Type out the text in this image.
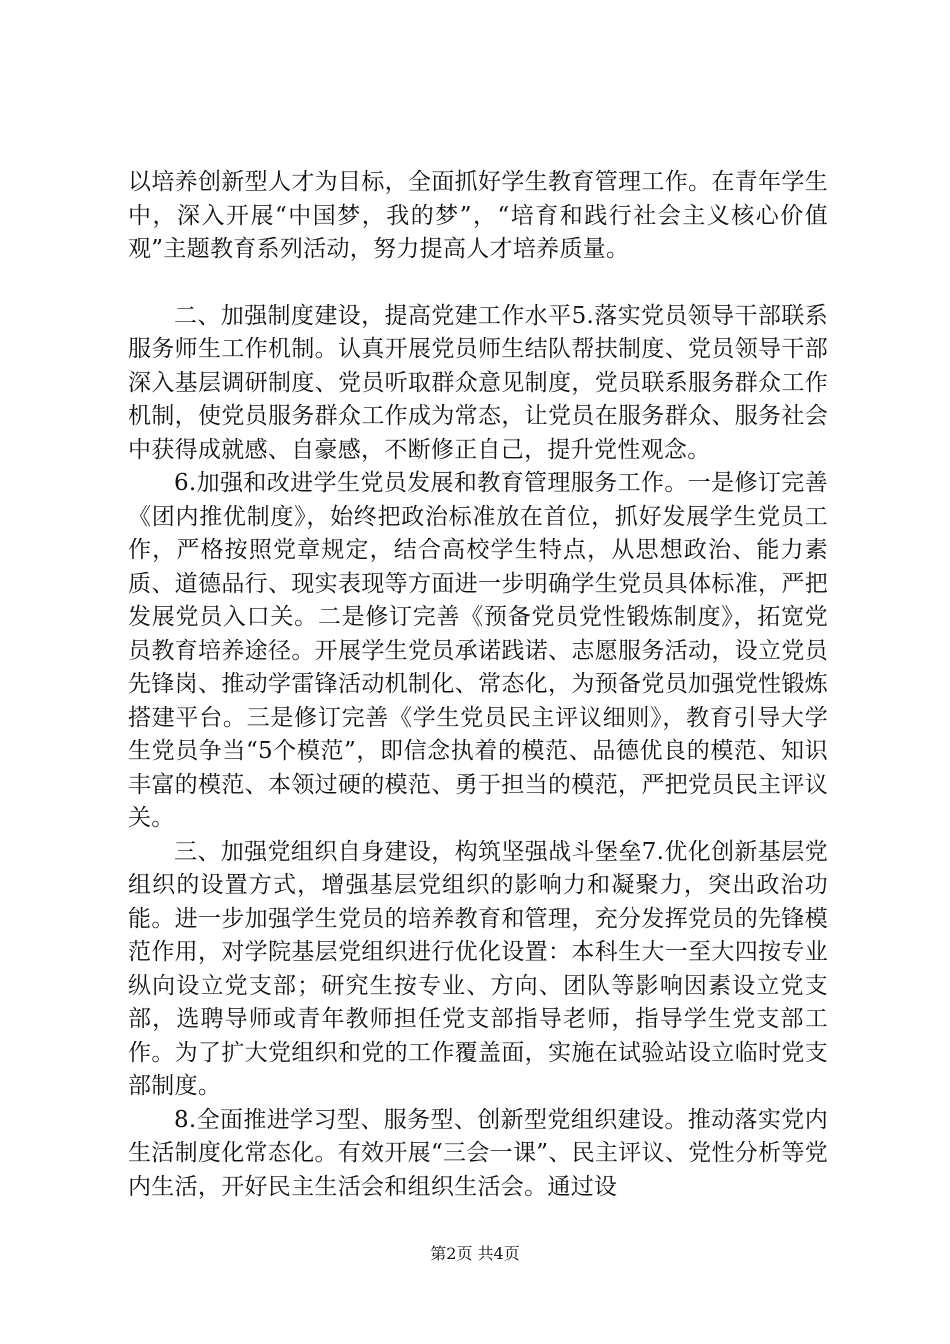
以培养创新型人才为目标，全面抓好学生教育管理工作。在青年学生中，深入开展“中国梦，我的梦”，“培育和践行社会主义核心价值观”主题教育系列活动，努力提高人才培养质量。

二、加强制度建设，提高党建工作水平5.落实党员领导干部联系服务师生工作机制。认真开展党员师生结队帮扶制度、党员领导干部深入基层调研制度、党员听取群众意见制度，党员联系服务群众工作机制，使党员服务群众工作成为常态，让党员在服务群众、服务社会中获得成就感、自豪感，不断修正自己，提升党性观念。

6.加强和改进学生党员发展和教育管理服务工作。一是修订完善《团内推优制度》，始终把政治标准放在首位，抓好发展学生党员工作，严格按照党章规定，结合高校学生特点，从思想政治、能力素质、道德品行、现实表现等方面进一步明确学生党员具体标准，严把发展党员入口关。二是修订完善《预备党员党性锻炼制度》，拓宽党员教育培养途径。开展学生党员承诺践诺、志愿服务活动，设立党员先锋岗、推动学雷锋活动机制化、常态化，为预备党员加强党性锻炼搭建平台。三是修订完善《学生党员民主评议细则》，教育引导大学生党员争当“5个模范”，即信念执着的模范、品德优良的模范、知识丰富的模范、本领过硬的模范、勇于担当的模范，严把党员民主评议关。

三、加强党组织自身建设，构筑坚强战斗堡垒7.优化创新基层党组织的设置方式，增强基层党组织的影响力和凝聚力，突出政治功能。进一步加强学生党员的培养教育和管理，充分发挥党员的先锋模范作用，对学院基层党组织进行优化设置：本科生大一至大四按专业纵向设立党支部；研究生按专业、方向、团队等影响因素设立党支部，选聘导师或青年教师担任党支部指导老师，指导学生党支部工作。为了扩大党组织和党的工作覆盖面，实施在试验站设立临时党支部制度。

8.全面推进学习型、服务型、创新型党组织建设。推动落实党内生活制度化常态化。有效开展“三会一课”、民主评议、党性分析等党内生活，开好民主生活会和组织生活会。通过设

第2页 共4页
